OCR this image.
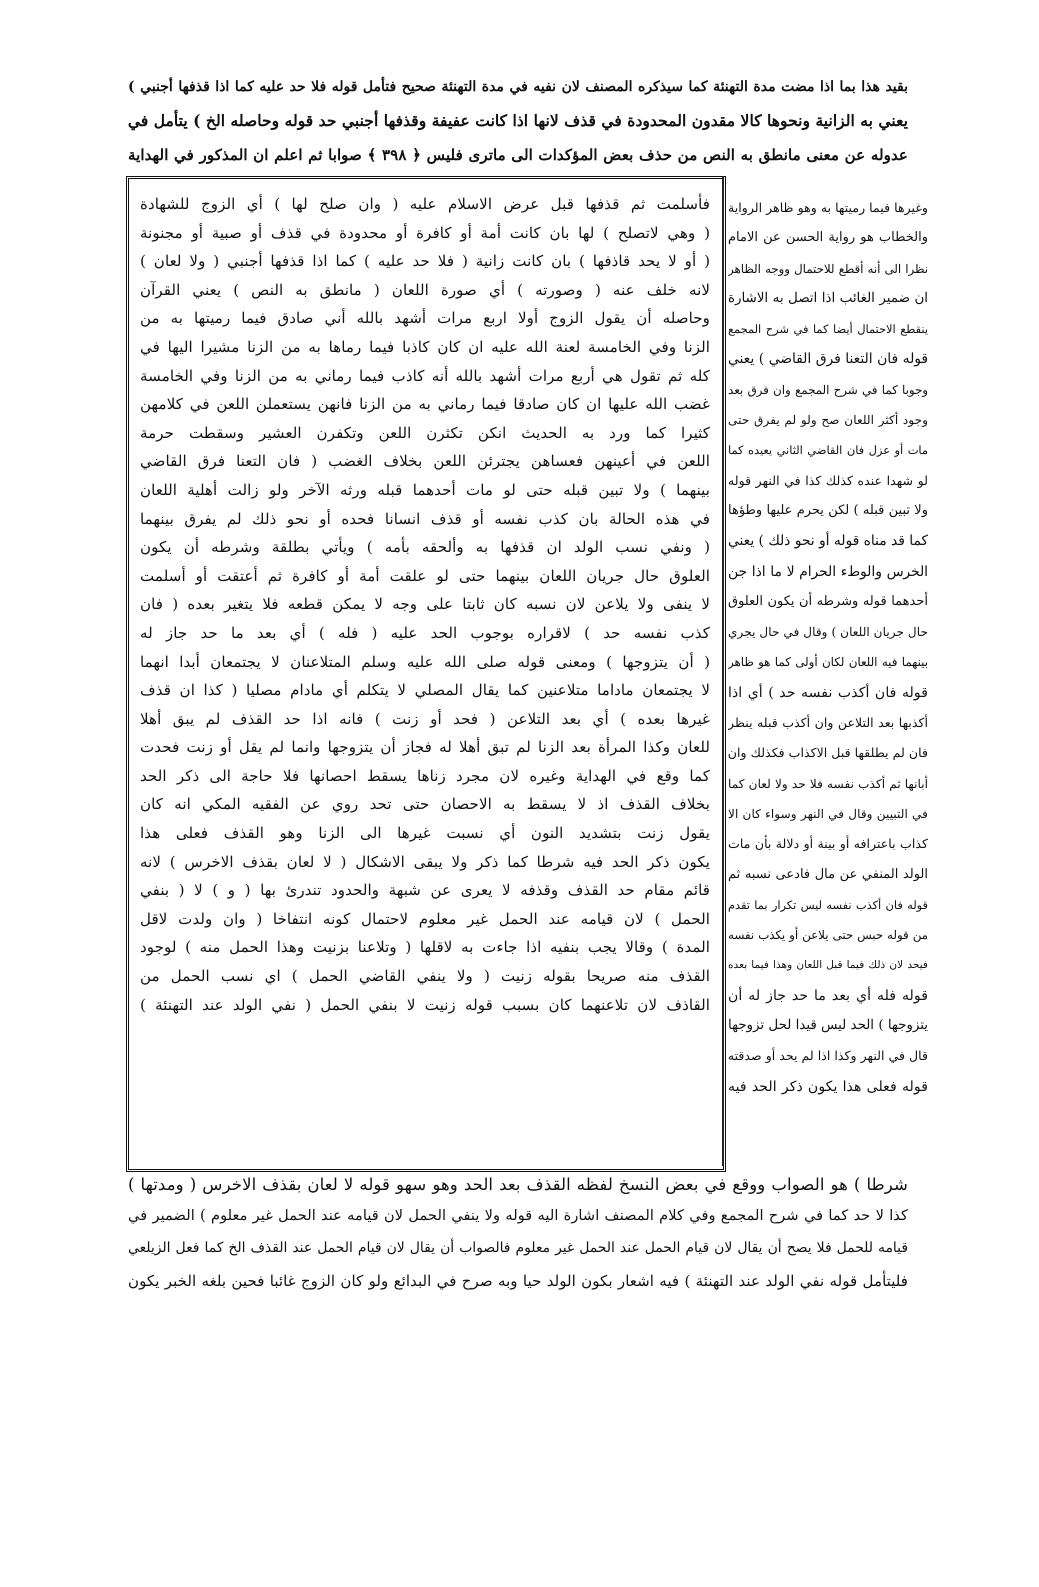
بقيد هذا بما اذا مضت مدة التهنئة كما سيذكره المصنف لان نفيه في مدة التهنئة صحيح فتأمل قوله فلا حد عليه كما اذا قذفها أجنبي )
يعني به الزانية ونحوها كالا مقدون المحدودة في قذف لانها اذا كانت عفيفة وقذفها أجنبي حد قوله وحاصله الخ ) يتأمل في
عدوله عن معنى مانطق به النص من حذف بعض المؤكدات الى ماترى فليس ﴿ ٣٩٨ ﴾ صوابا ثم اعلم ان المذكور في الهداية
فأسلمت ثم قذفها قبل عرض الاسلام عليه ( وان صلح لها ) أي الزوج للشهادة
( وهي لاتصلح ) لها بان كانت أمة أو كافرة أو محدودة في قذف أو صبية أو مجنونة
( أو لا يحد قاذفها ) بان كانت زانية ( فلا حد عليه ) كما اذا قذفها أجنبي ( ولا لعان )
لانه خلف عنه ( وصورته ) أي صورة اللعان ( مانطق به النص ) يعني القرآن
وحاصله أن يقول الزوج أولا اربع مرات أشهد بالله أني صادق فيما رميتها به من
الزنا وفي الخامسة لعنة الله عليه ان كان كاذبا فيما رماها به من الزنا مشيرا اليها في
كله ثم تقول هي أربع مرات أشهد بالله أنه كاذب فيما رماني به من الزنا وفي الخامسة
غضب الله عليها ان كان صادقا فيما رماني به من الزنا فانهن يستعملن اللعن في كلامهن
كثيرا كما ورد به الحديث انكن تكثرن اللعن وتكفرن العشير وسقطت حرمة
اللعن في أعينهن فعساهن يجترئن اللعن بخلاف الغضب ( فان التعنا فرق القاضي
بينهما ) ولا تبين قبله حتى لو مات أحدهما قبله ورثه الآخر ولو زالت أهلية اللعان
في هذه الحالة بان كذب نفسه أو قذف انسانا فحده أو نحو ذلك لم يفرق بينهما
( ونفي نسب الولد ان قذفها به وألحقه بأمه ) ويأتي بطلقة وشرطه أن يكون
العلوق حال جريان اللعان بينهما حتى لو علقت أمة أو كافرة ثم أعتقت أو أسلمت
لا ينفى ولا يلاعن لان نسبه كان ثابتا على وجه لا يمكن قطعه فلا يتغير بعده ( فان
كذب نفسه حد ) لاقراره بوجوب الحد عليه ( فله ) أي بعد ما حد جاز له
( أن يتزوجها ) ومعنى قوله صلى الله عليه وسلم المتلاعنان لا يجتمعان أبدا انهما
لا يجتمعان ماداما متلاعنين كما يقال المصلي لا يتكلم أي مادام مصليا ( كذا ان قذف
غيرها بعده ) أي بعد التلاعن ( فحد أو زنت ) فانه اذا حد القذف لم يبق أهلا
للعان وكذا المرأة بعد الزنا لم تبق أهلا له فجاز أن يتزوجها وانما لم يقل أو زنت فحدت
كما وقع في الهداية وغيره لان مجرد زناها يسقط احصانها فلا حاجة الى ذكر الحد
بخلاف القذف اذ لا يسقط به الاحصان حتى تحد روي عن الفقيه المكي انه كان
يقول زنت بتشديد النون أي نسبت غيرها الى الزنا وهو القذف فعلى هذا
يكون ذكر الحد فيه شرطا كما ذكر ولا يبقى الاشكال ( لا لعان بقذف الاخرس ) لانه
قائم مقام حد القذف وقذفه لا يعرى عن شبهة والحدود تندرئ بها ( و ) لا ( بنفي
الحمل ) لان قيامه عند الحمل غير معلوم لاحتمال كونه انتفاخا ( وان ولدت لاقل
المدة ) وقالا يجب بنفيه اذا جاءت به لاقلها ( وتلاعنا بزنيت وهذا الحمل منه ) لوجود
القذف منه صريحا بقوله زنيت ( ولا ينفي القاضي الحمل ) اي نسب الحمل من
القاذف لان تلاعنهما كان بسبب قوله زنيت لا بنفي الحمل ( نفي الولد عند التهنئة )
وغيرها فيما رميتها به وهو ظاهر الرواية
والخطاب هو رواية الحسن عن الامام
نظرا الى أنه أقطع للاحتمال ووجه الظاهر
ان ضمير الغائب اذا اتصل به الاشارة
ينقطع الاحتمال أيضا كما في شرح المجمع
قوله فان التعنا فرق القاضي ) يعني
وجوبا كما في شرح المجمع وان فرق بعد
وجود أكثر اللعان صح ولو لم يفرق حتى
مات أو عزل فان القاضي الثاني يعيده كما
لو شهدا عنده كذلك كذا في النهر قوله
ولا تبين قبله ) لكن يحرم عليها وطؤها
كما قد مناه قوله أو نحو ذلك ) يعني
الخرس والوطء الحرام لا ما اذا جن
أحدهما قوله وشرطه أن يكون العلوق
حال جريان اللعان ) وقال في حال يجري
بينهما فيه اللعان لكان أولى كما هو ظاهر
قوله فان أكذب نفسه حد ) أي اذا
أكذبها بعد التلاعن وان أكذب قبله ينظر
فان لم يطلقها قبل الاكذاب فكذلك وان
أبانها ثم أكذب نفسه فلا حد ولا لعان كما
في التبيين وقال في النهر وسواء كان الا
كذاب باعترافه أو بينة أو دلالة بأن مات
الولد المنفي عن مال فادعى نسبه ثم
قوله فان أكذب نفسه ليس تكرار بما تقدم
من قوله حبس حتى يلاعن أو يكذب نفسه
فيحد لان ذلك فيما قبل اللعان وهذا فيما بعده
قوله فله أي بعد ما حد جاز له أن
يتزوجها ) الحد ليس قيدا لحل تزوجها
قال في النهر وكذا اذا لم يحد أو صدقته
قوله فعلى هذا يكون ذكر الحد فيه
شرطا ) هو الصواب ووقع في بعض النسخ لفظه القذف بعد الحد وهو سهو قوله لا لعان بقذف الاخرس ( ومدتها )
كذا لا حد كما في شرح المجمع وفي كلام المصنف اشارة اليه قوله ولا ينفي الحمل لان قيامه عند الحمل غير معلوم ) الضمير في
قيامه للحمل فلا يصح أن يقال لان قيام الحمل عند الحمل غير معلوم فالصواب أن يقال لان قيام الحمل عند القذف الخ كما فعل الزيلعي
فليتأمل قوله نفي الولد عند التهنئة ) فيه اشعار بكون الولد حيا وبه صرح في البدائع ولو كان الزوج غائبا فحين بلغه الخبر يكون
